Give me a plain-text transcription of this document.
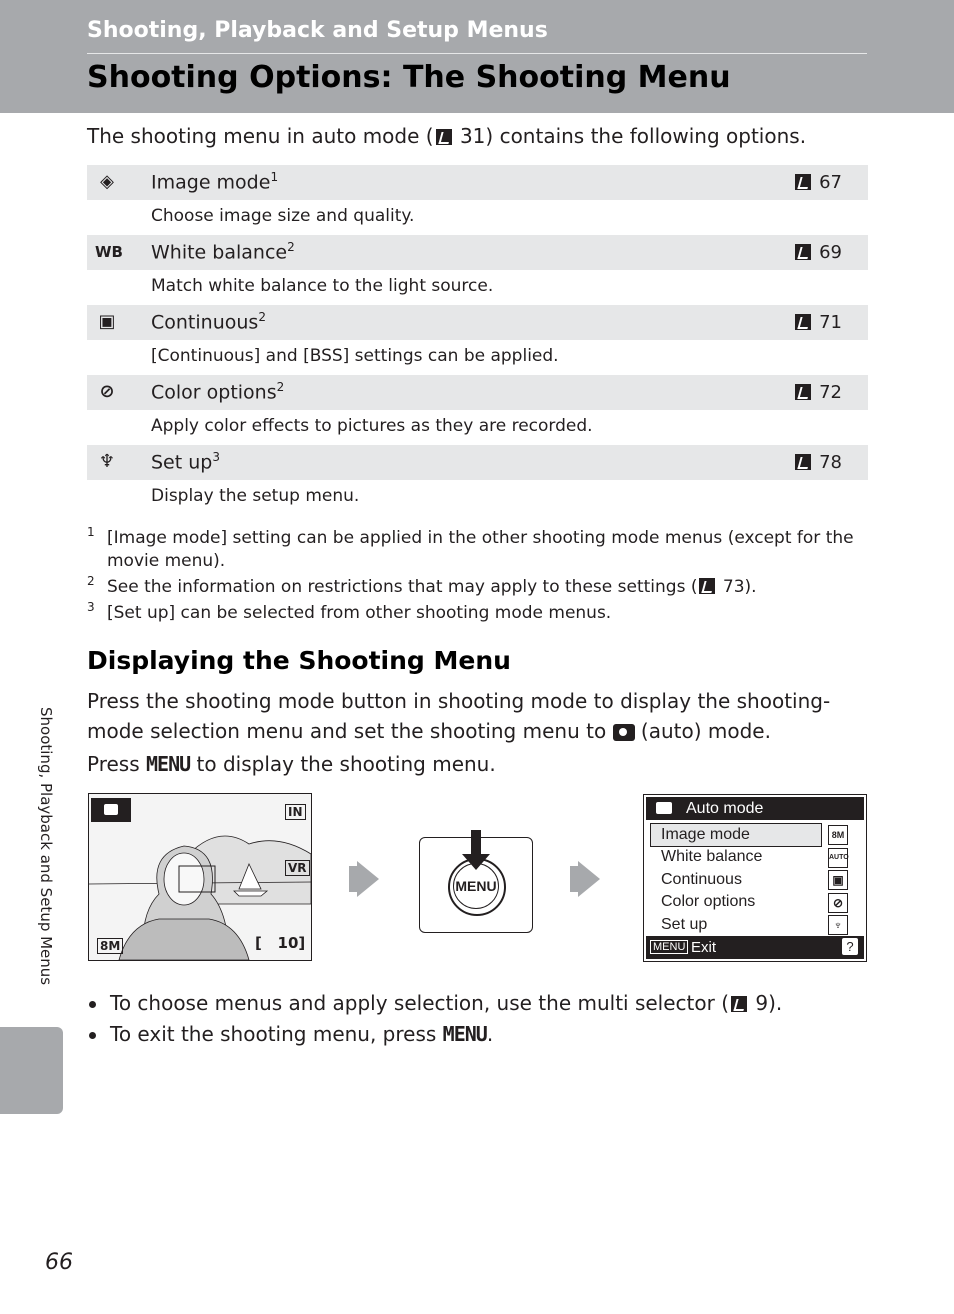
Shooting, Playback and Setup Menus
Shooting Options: The Shooting Menu
The shooting menu in auto mode ( 31) contains the following options.
◈ Image mode$^1$	67
Choose image size and quality.
WB White balance$^2$	69
Match white balance to the light source.
▣ Continuous$^2$	71
[Continuous] and [BSS] settings can be applied.
⊘ Color options$^2$	72
Apply color effects to pictures as they are recorded.
♆ Set $up^3$	78
Display the setup menu.
1 [Image mode] setting can be applied in the other shooting mode menus (except for the movie menu).
2 See the information on restrictions that may apply to these settings ( 73).
3 [Set up] can be selected from other shooting mode menus.
Displaying the Shooting Menu

Press the shooting mode button in shooting mode to display the shooting-mode selection menu and set the shooting menu to  (auto) mode.

Press MENU to display the shooting menu.

IN
VR
8M	[   10]
MENU
Auto mode
Image mode
White balance
Continuous
Color options
Set up
8M
AUTO
▣
⊘
♆
MENU Exit	?
To choose menus and apply selection, use the multi selector ( 9).
To exit the shooting menu, press MENU.
Shooting, Playback and Setup Menus
66
